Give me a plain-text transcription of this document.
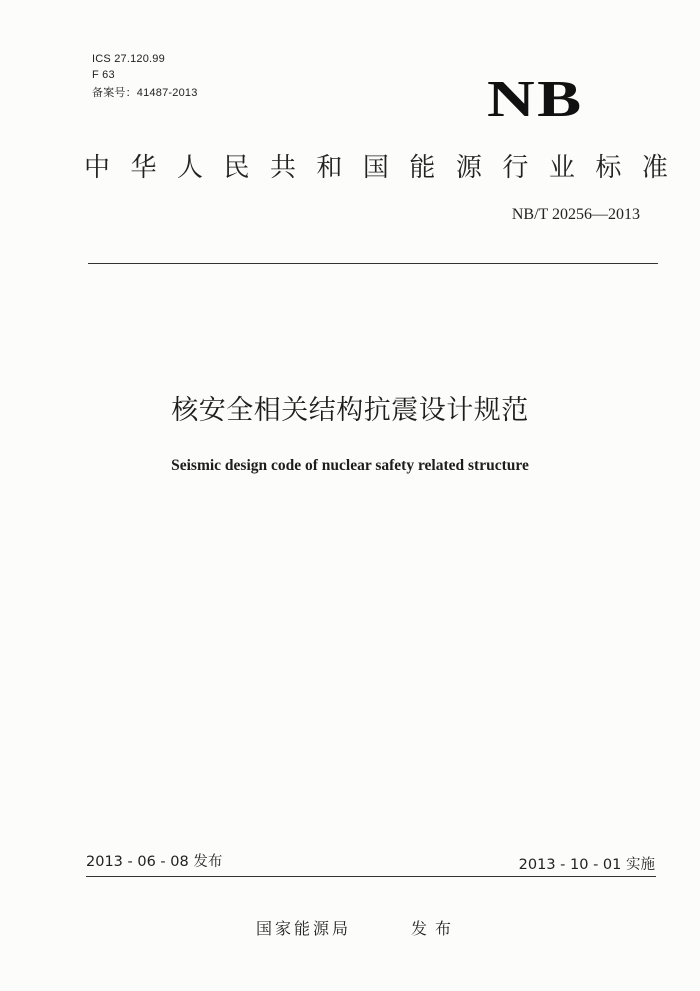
ICS 27.120.99
F 63
备案号：41487-2013	NB
中 华 人 民 共 和 国 能 源 行 业 标 准
NB/T 20256—2013
核安全相关结构抗震设计规范
Seismic design code of nuclear safety related structure
2013 - 06 - 08 发布	2013 - 10 - 01 实施
国家能源局	发布
